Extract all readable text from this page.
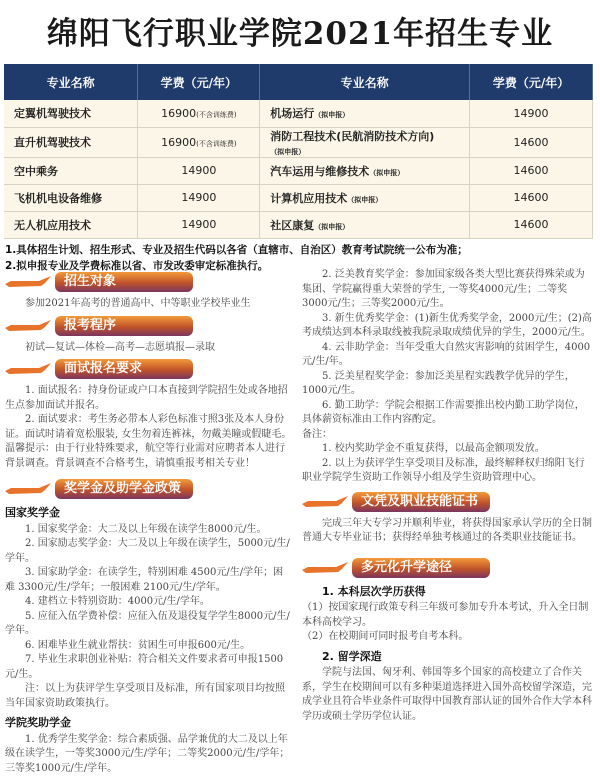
绵阳飞行职业学院2021年招生专业
专业名称	学费（元/年）	专业名称	学费（元/年）
定翼机驾驶技术	16900(不含训练费)	机场运行（拟申报）	14900
直升机驾驶技术	16900(不含训练费)	消防工程技术(民航消防技术方向)（拟申报）	14600
空中乘务	14900	汽车运用与维修技术（拟申报）	14600
飞机机电设备维修	14900	计算机应用技术（拟申报）	14600
无人机应用技术	14900	社区康复（拟申报）	14600
1.具体招生计划、招生形式、专业及招生代码以各省（直辖市、自治区）教育考试院统一公布为准；
2.拟申报专业及学费标准以省、市发改委审定标准执行。
招生对象

参加2021年高考的普通高中、中等职业学校毕业生

报考程序

初试—复试—体检—高考—志愿填报—录取

面试报名要求

1. 面试报名：持身份证或户口本直接到学院招生处或各地招生点参加面试并报名。

2. 面试要求：考生务必带本人彩色标准寸照3张及本人身份证。面试时请着宽松服装, 女生勿着连裤袜，勿戴美瞳或假睫毛。

温馨提示：由于行业特殊要求，航空等行业需对应聘者本人进行背景调查。背景调查不合格考生，请慎重报考相关专业！

奖学金及助学金政策
国家奖学金

1. 国家奖学金：大二及以上年级在读学生8000元/生。

2. 国家励志奖学金：大二及以上年级在读学生，5000元/生/学年。

3. 国家助学金：在读学生，特别困难 4500元/生/学年；困难 3300元/生/学年；一般困难 2100元/生/学年。

4. 建档立卡特别资助：4000元/生/学年。

5. 应征入伍学费补偿：应征入伍及退役复学学生8000元/生/学年。

6. 困难毕业生就业帮扶：贫困生可申报600元/生。

7. 毕业生求职创业补贴：符合相关文件要求者可申报1500元/生。

注：以上为获评学生享受项目及标准，所有国家项目均按照当年国家资助政策执行。

学院奖助学金

1. 优秀学生奖学金：综合素质强、品学兼优的大二及以上年级在读学生，一等奖3000元/生/学年；二等奖2000元/生/学年；三等奖1000元/生/学年。

2. 泛美教育奖学金：参加国家级各类大型比赛获得殊荣或为集团、学院赢得重大荣誉的学生, 一等奖4000元/生；二等奖3000元/生；三等奖2000元/生。

3. 新生优秀奖学金：(1)新生优秀奖学金，2000元/生；(2)高考成绩达到本科录取线被我院录取成绩优异的学生，2000元/生。

4. 云非助学金：当年受重大自然灾害影响的贫困学生，4000元/生/年。

5. 泛美星程奖学金：参加泛美星程实践教学优异的学生，1000元/生。

6. 勤工助学：学院会根据工作需要推出校内勤工助学岗位，具体薪资标准由工作内容酌定。

备注：

1. 校内奖助学金不重复获得，以最高金额项发放。

2. 以上为获评学生享受项目及标准，最终解释权归绵阳飞行职业学院学生资助工作领导小组及学生资助管理中心。

文凭及职业技能证书

完成三年大专学习并顺利毕业，将获得国家承认学历的全日制普通大专毕业证书；获得经单独考核通过的各类职业技能证书。

多元化升学途径
1. 本科层次学历获得

（1）按国家现行政策专科三年级可参加专升本考试，升入全日制本科高校学习。

（2）在校期间可同时报考自考本科。

2. 留学深造

学院与法国、匈牙利、韩国等多个国家的高校建立了合作关系，学生在校期间可以有多种渠道选择进入国外高校留学深造，完成学业且符合毕业条件可取得中国教育部认证的国外合作大学本科学历或硕士学历学位认证。
